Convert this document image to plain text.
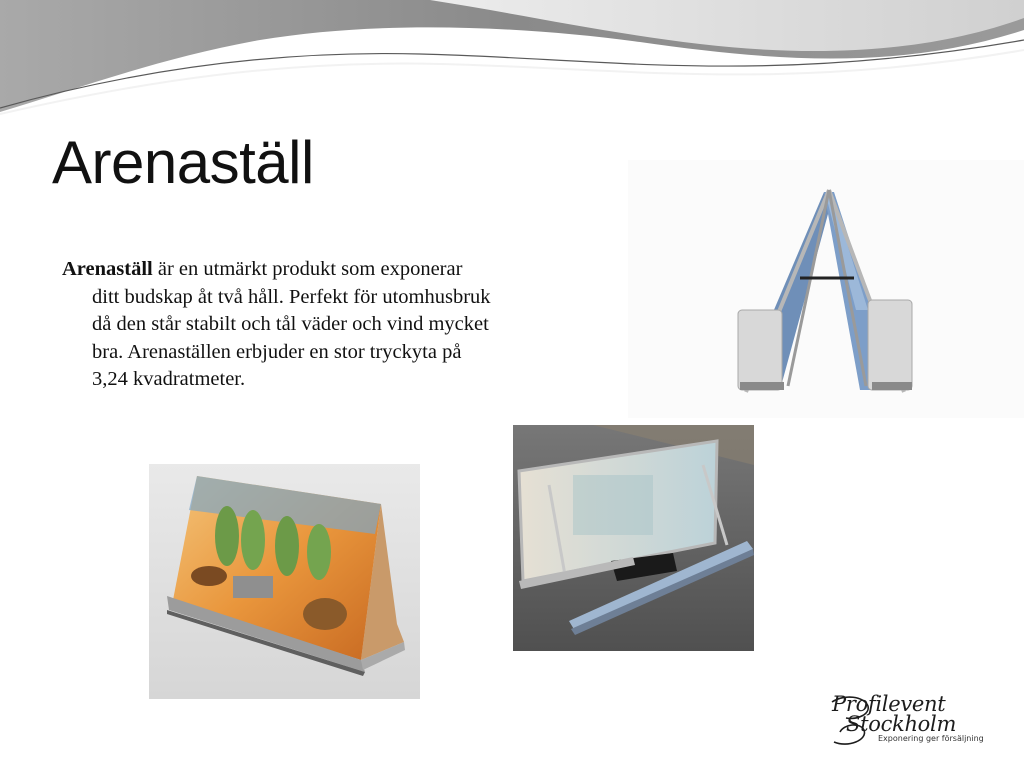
Arenaställ
Arenaställ är en utmärkt produkt som exponerar ditt budskap åt två håll. Perfekt för utomhusbruk då den står stabilt och tål väder och vind mycket bra. Arenaställen erbjuder en stor tryckyta på 3,24 kvadratmeter.
Profilevent
Stockholm
Exponering ger försäljning
